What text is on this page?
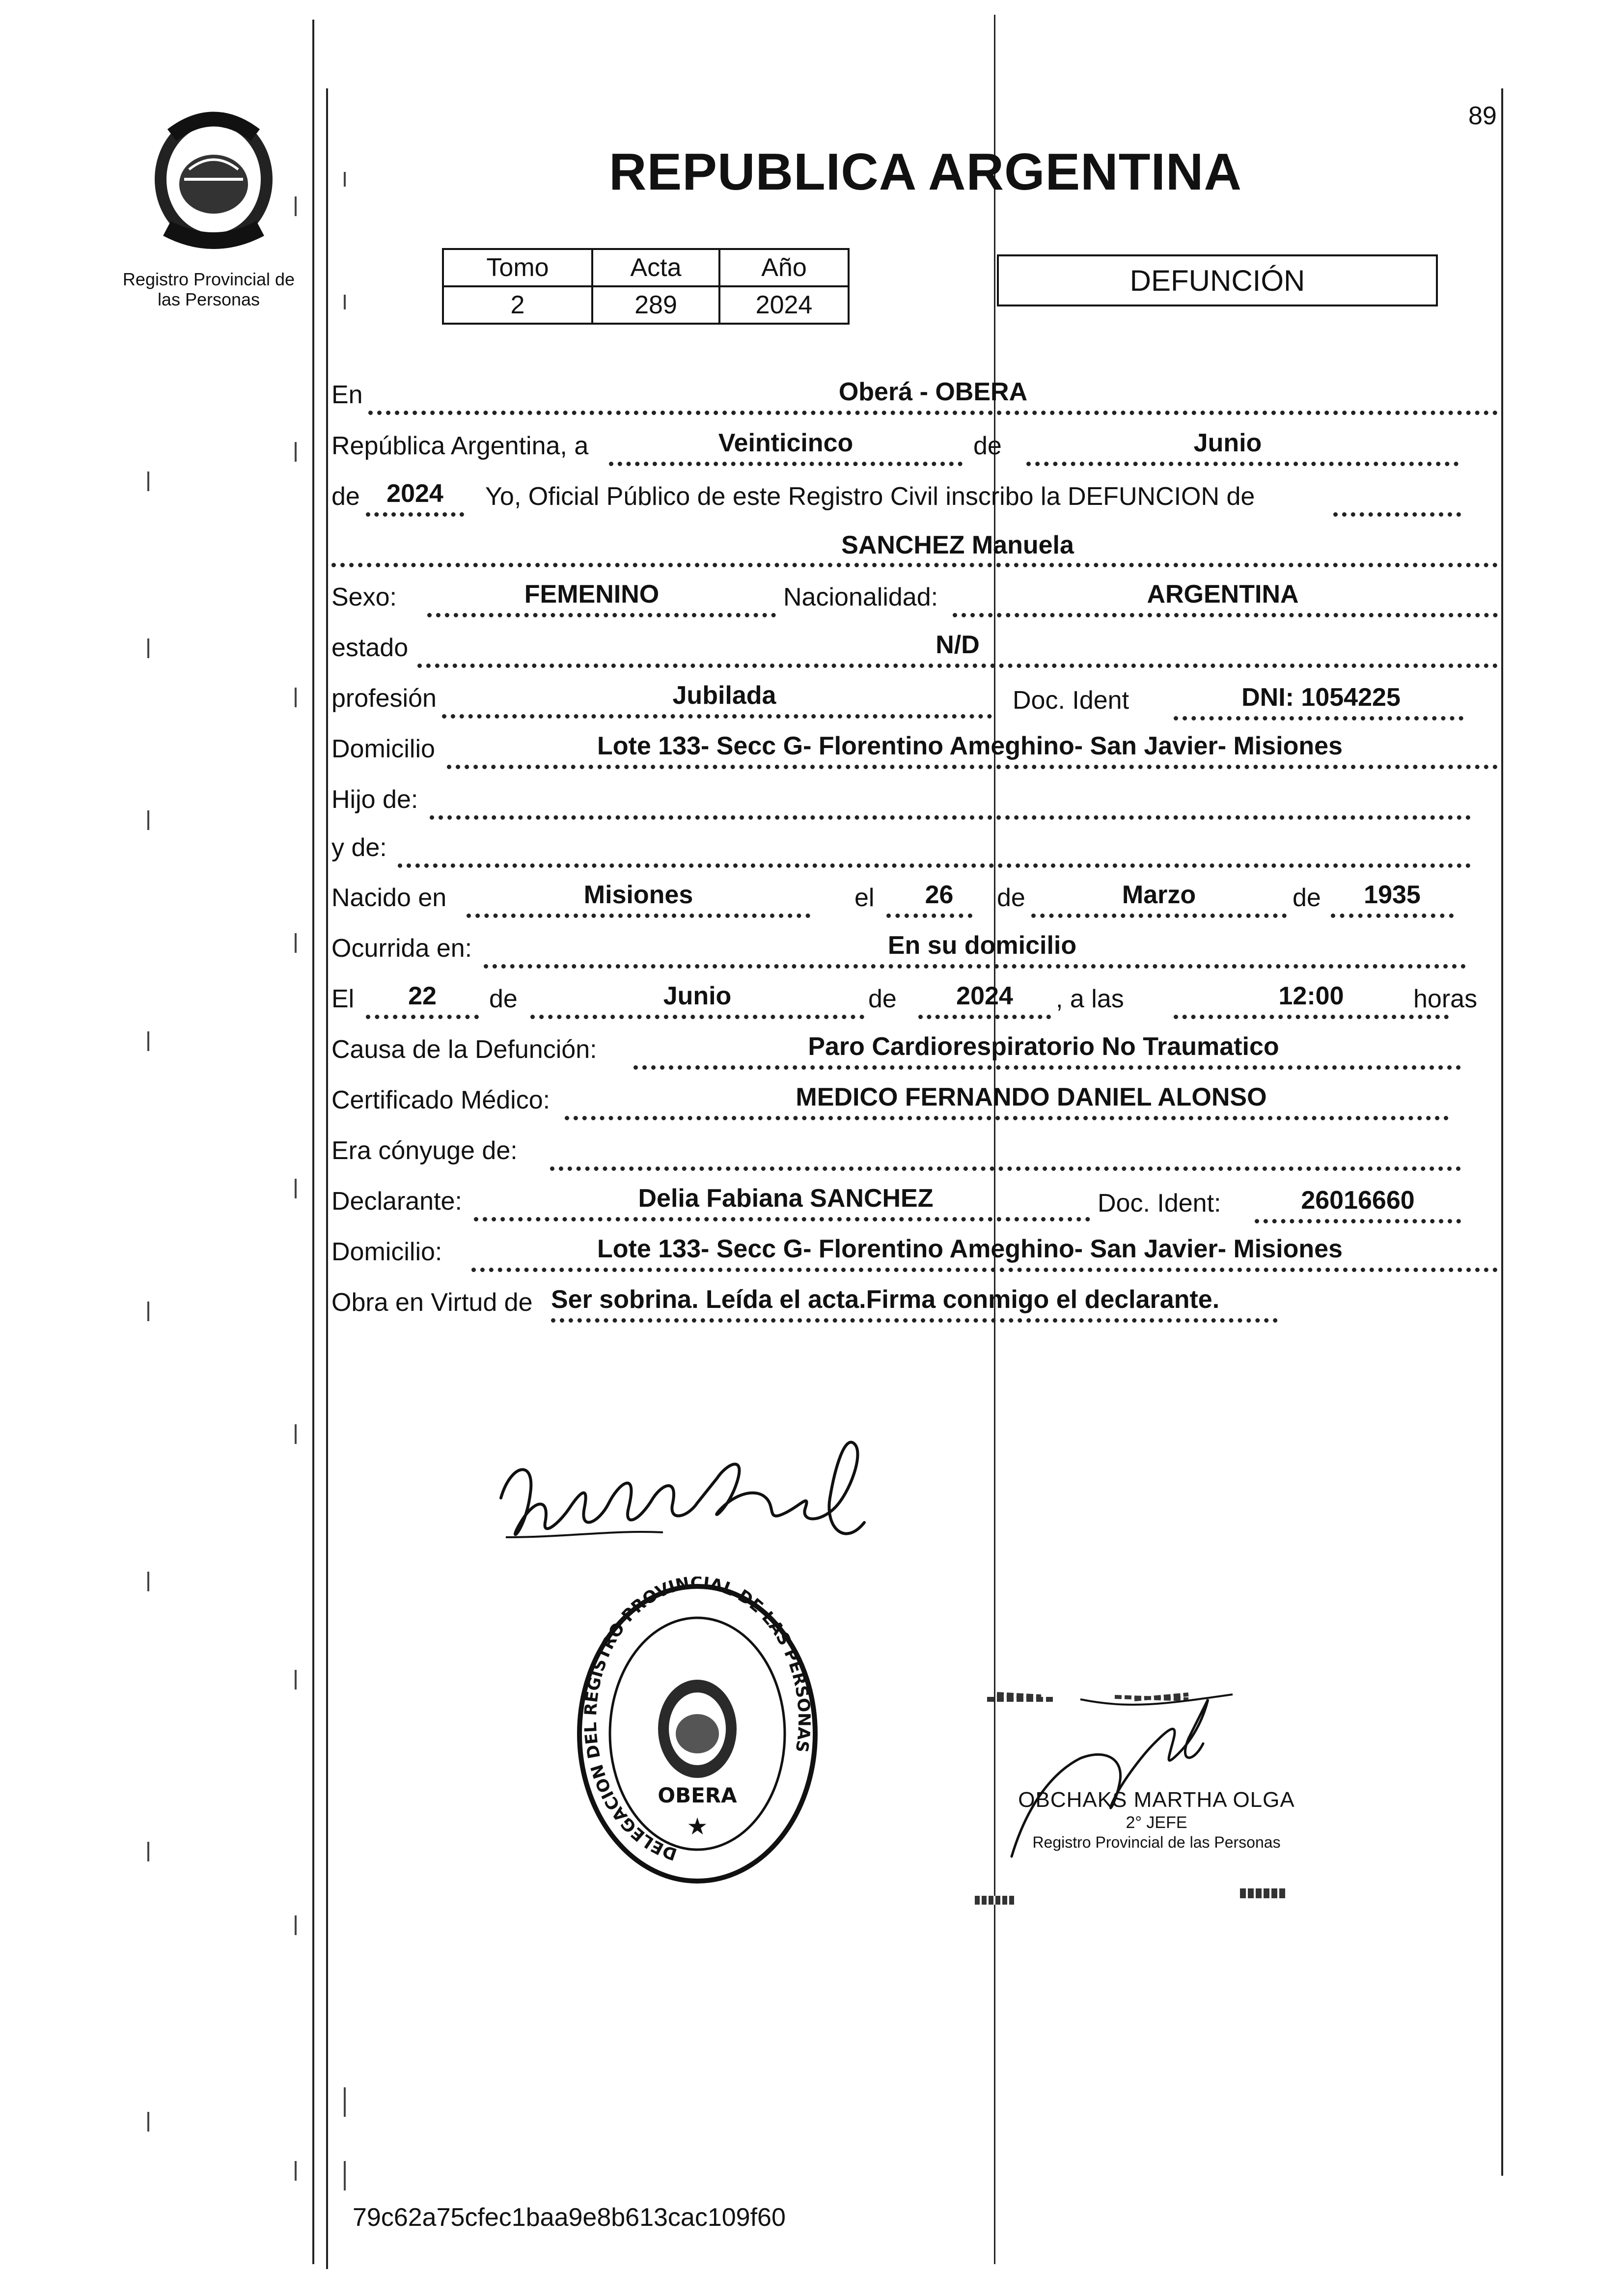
89
Registro Provincial de
las Personas
REPUBLICA ARGENTINA
Tomo	Acta	Año
2	289	2024
DEFUNCIÓN
En	Oberá - OBERA
República Argentina, a	Veinticinco	de	Junio
de	2024	Yo, Oficial Público de este Registro Civil inscribo la DEFUNCION de
SANCHEZ Manuela
Sexo:	FEMENINO	Nacionalidad:	ARGENTINA
estado	N/D
profesión	Jubilada	Doc. Ident	DNI: 1054225
Domicilio	Lote 133- Secc G- Florentino Ameghino- San Javier- Misiones
Hijo de:
y de:
Nacido en	Misiones	el	26	de	Marzo	de	1935
Ocurrida en:	En su domicilio
El	22	de	Junio	de	2024	, a las	12:00	horas
Causa de la Defunción:	Paro Cardiorespiratorio No Traumatico
Certificado Médico:	MEDICO FERNANDO DANIEL ALONSO
Era cónyuge de:
Declarante:	Delia Fabiana SANCHEZ	Doc. Ident:	26016660
Domicilio:	Lote 133- Secc G- Florentino Ameghino- San Javier- Misiones
Obra en Virtud de Ser sobrina. Leída el acta.Firma conmigo el declarante.
DELEGACION DEL REGISTRO PROVINCIAL DE LAS PERSONAS
OBERA
★
OBCHAKS MARTHA OLGA
2° JEFE
Registro Provincial de las Personas
79c62a75cfec1baa9e8b613cac109f60
